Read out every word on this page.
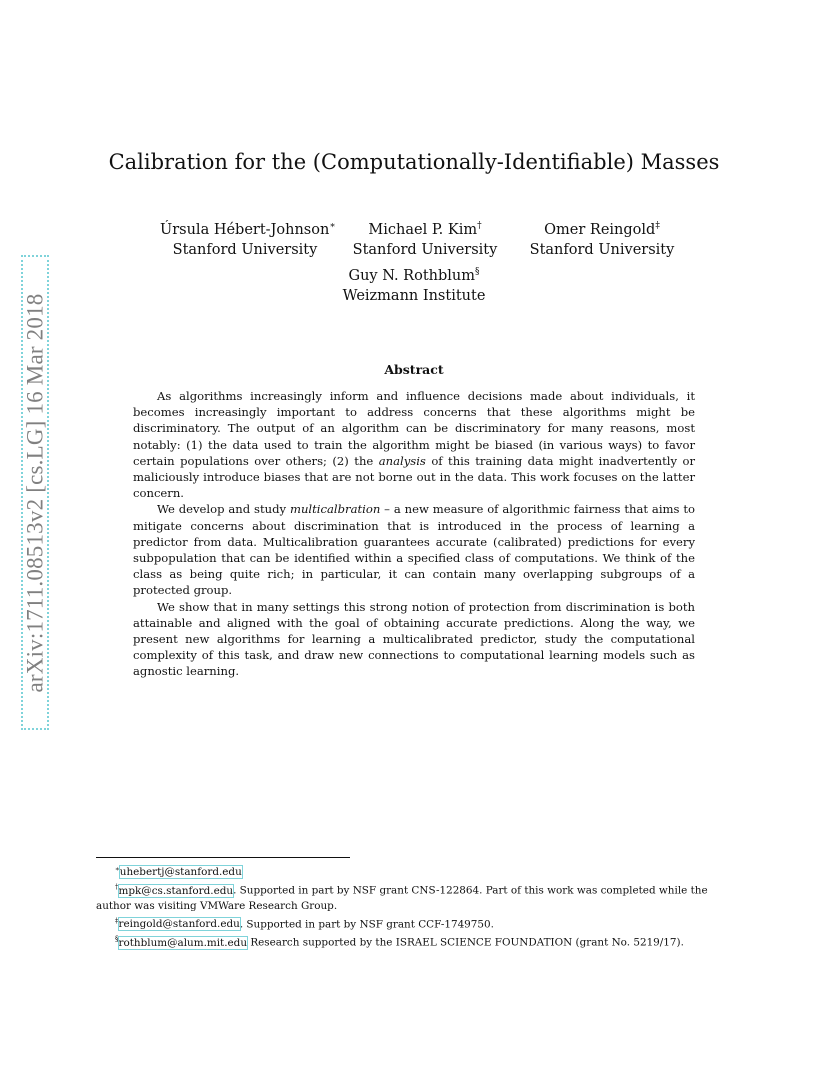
arXiv:1711.08513v2 [cs.LG] 16 Mar 2018
Calibration for the (Computationally-Identifiable) Masses
Úrsula Hébert-Johnson∗
Stanford University
Michael P. Kim†
Stanford University
Omer Reingold‡
Stanford University
Guy N. Rothblum§
Weizmann Institute
Abstract

As algorithms increasingly inform and influence decisions made about individuals, it becomes increasingly important to address concerns that these algorithms might be discriminatory. The output of an algorithm can be discriminatory for many reasons, most notably: (1) the data used to train the algorithm might be biased (in various ways) to favor certain populations over others; (2) the analysis of this training data might inadvertently or maliciously introduce biases that are not borne out in the data. This work focuses on the latter concern.

We develop and study multicalbration – a new measure of algorithmic fairness that aims to mitigate concerns about discrimination that is introduced in the process of learning a predictor from data. Multicalibration guarantees accurate (calibrated) predictions for every subpopulation that can be identified within a specified class of computations. We think of the class as being quite rich; in particular, it can contain many overlapping subgroups of a protected group.

We show that in many settings this strong notion of protection from discrimination is both attainable and aligned with the goal of obtaining accurate predictions. Along the way, we present new algorithms for learning a multicalibrated predictor, study the computational complexity of this task, and draw new connections to computational learning models such as agnostic learning.

∗uhebertj@stanford.edu

†mpk@cs.stanford.edu. Supported in part by NSF grant CNS-122864. Part of this work was completed while the

author was visiting VMWare Research Group.

‡reingold@stanford.edu. Supported in part by NSF grant CCF-1749750.

§rothblum@alum.mit.edu Research supported by the ISRAEL SCIENCE FOUNDATION (grant No. 5219/17).
